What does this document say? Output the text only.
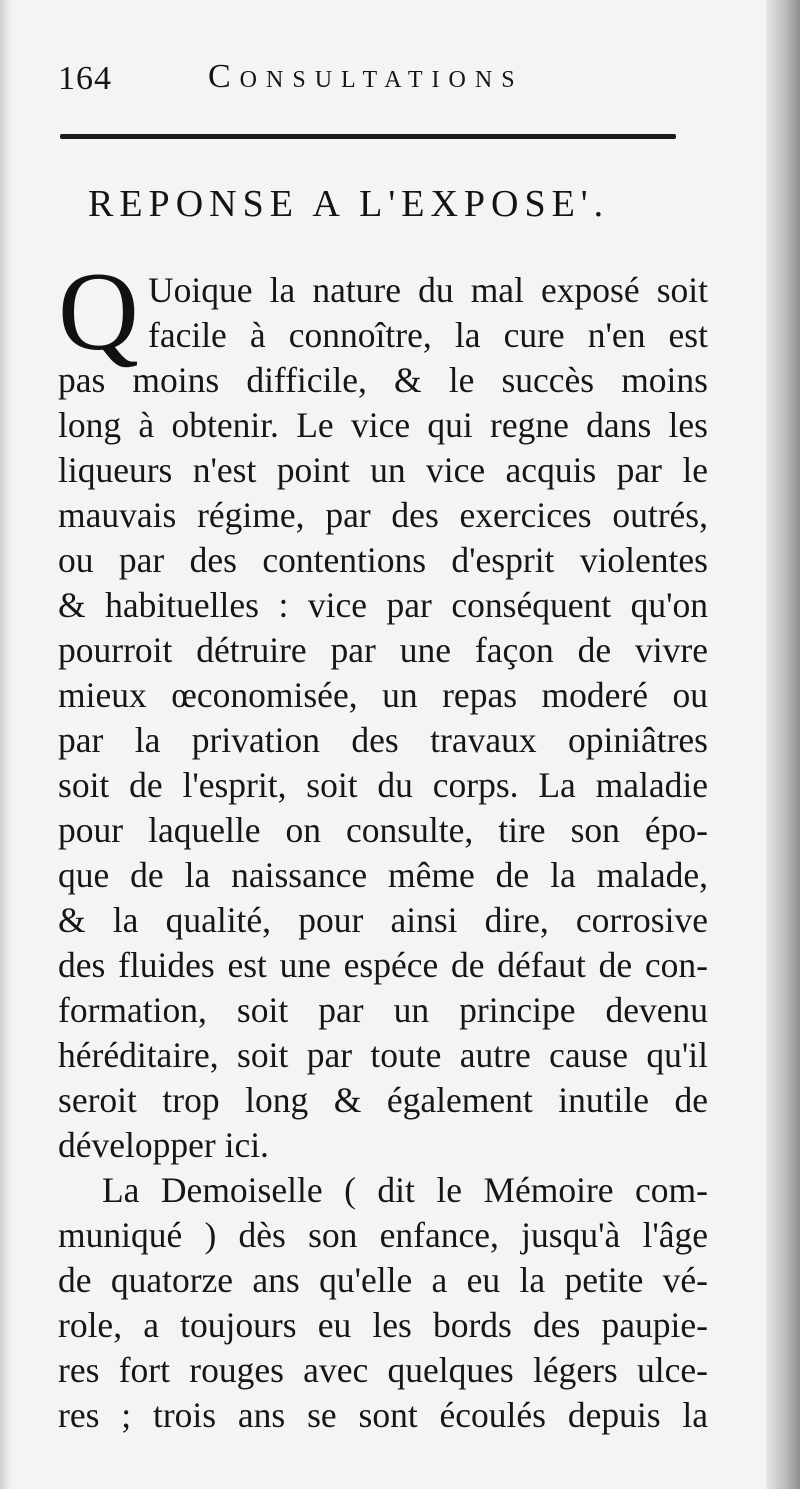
164	Consultations
REPONSE A L'EXPOSE'.
Q Uoique la nature du mal exposé soit
facile à connoître, la cure n'en est
pas moins difficile, & le succès moins
long à obtenir. Le vice qui regne dans les
liqueurs n'est point un vice acquis par le
mauvais régime, par des exercices outrés,
ou par des contentions d'esprit violentes
& habituelles : vice par conséquent qu'on
pourroit détruire par une façon de vivre
mieux œconomisée, un repas moderé ou
par la privation des travaux opiniâtres
soit de l'esprit, soit du corps. La maladie
pour laquelle on consulte, tire son épo-
que de la naissance même de la malade,
& la qualité, pour ainsi dire, corrosive
des fluides est une espéce de défaut de con-
formation, soit par un principe devenu
héréditaire, soit par toute autre cause qu'il
seroit trop long & également inutile de
développer ici.
La Demoiselle ( dit le Mémoire com-
muniqué ) dès son enfance, jusqu'à l'âge
de quatorze ans qu'elle a eu la petite vé-
role, a toujours eu les bords des paupie-
res fort rouges avec quelques légers ulce-
res ; trois ans se sont écoulés depuis la
